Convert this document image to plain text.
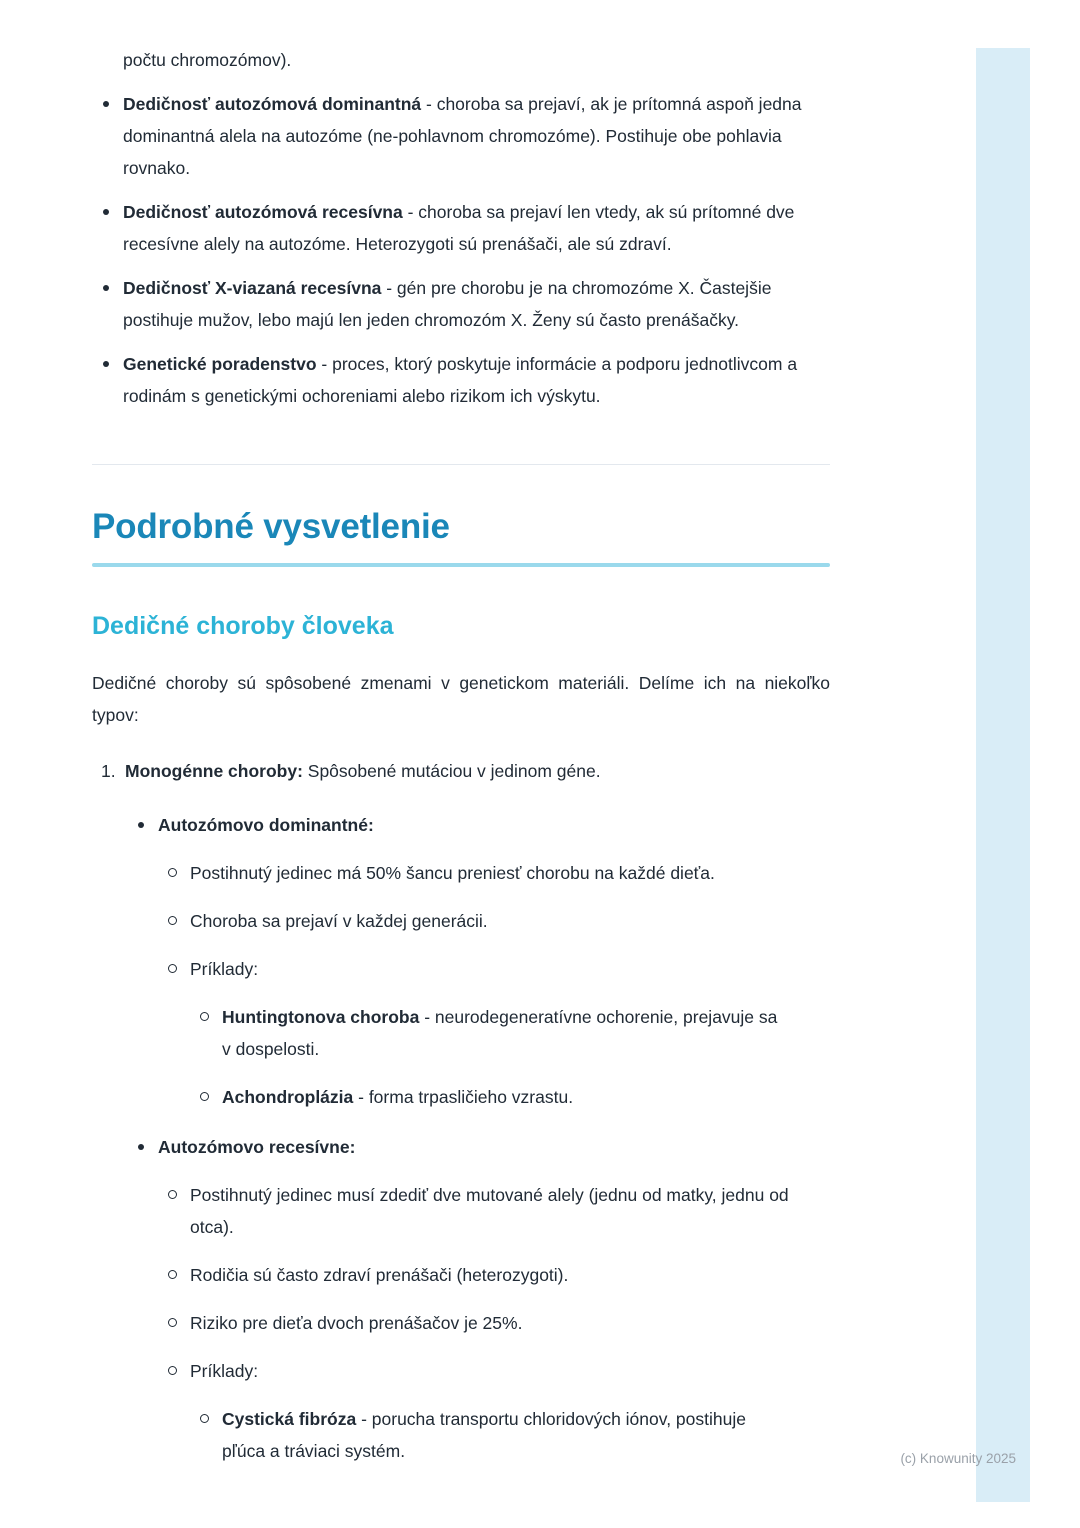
počtu chromozómov).

Dedičnosť autozómová dominantná - choroba sa prejaví, ak je prítomná aspoň jedna dominantná alela na autozóme (ne-pohlavnom chromozóme). Postihuje obe pohlavia rovnako.
Dedičnosť autozómová recesívna - choroba sa prejaví len vtedy, ak sú prítomné dve recesívne alely na autozóme. Heterozygoti sú prenášači, ale sú zdraví.
Dedičnosť X-viazaná recesívna - gén pre chorobu je na chromozóme X. Častejšie postihuje mužov, lebo majú len jeden chromozóm X. Ženy sú často prenášačky.
Genetické poradenstvo - proces, ktorý poskytuje informácie a podporu jednotlivcom a rodinám s genetickými ochoreniami alebo rizikom ich výskytu.
Podrobné vysvetlenie
Dedičné choroby človeka

Dedičné choroby sú spôsobené zmenami v genetickom materiáli. Delíme ich na niekoľko typov:

1. Monogénne choroby: Spôsobené mutáciou v jedinom géne.
Autozómovo dominantné:
Postihnutý jedinec má 50% šancu preniesť chorobu na každé dieťa.
Choroba sa prejaví v každej generácii.
Príklady:
Huntingtonova choroba - neurodegeneratívne ochorenie, prejavuje sa v dospelosti.
Achondroplázia - forma trpasličieho vzrastu.
Autozómovo recesívne:
Postihnutý jedinec musí zdediť dve mutované alely (jednu od matky, jednu od otca).
Rodičia sú často zdraví prenášači (heterozygoti).
Riziko pre dieťa dvoch prenášačov je 25%.
Príklady:
Cystická fibróza - porucha transportu chloridových iónov, postihuje pľúca a tráviaci systém.	(c) Knowunity 2025
